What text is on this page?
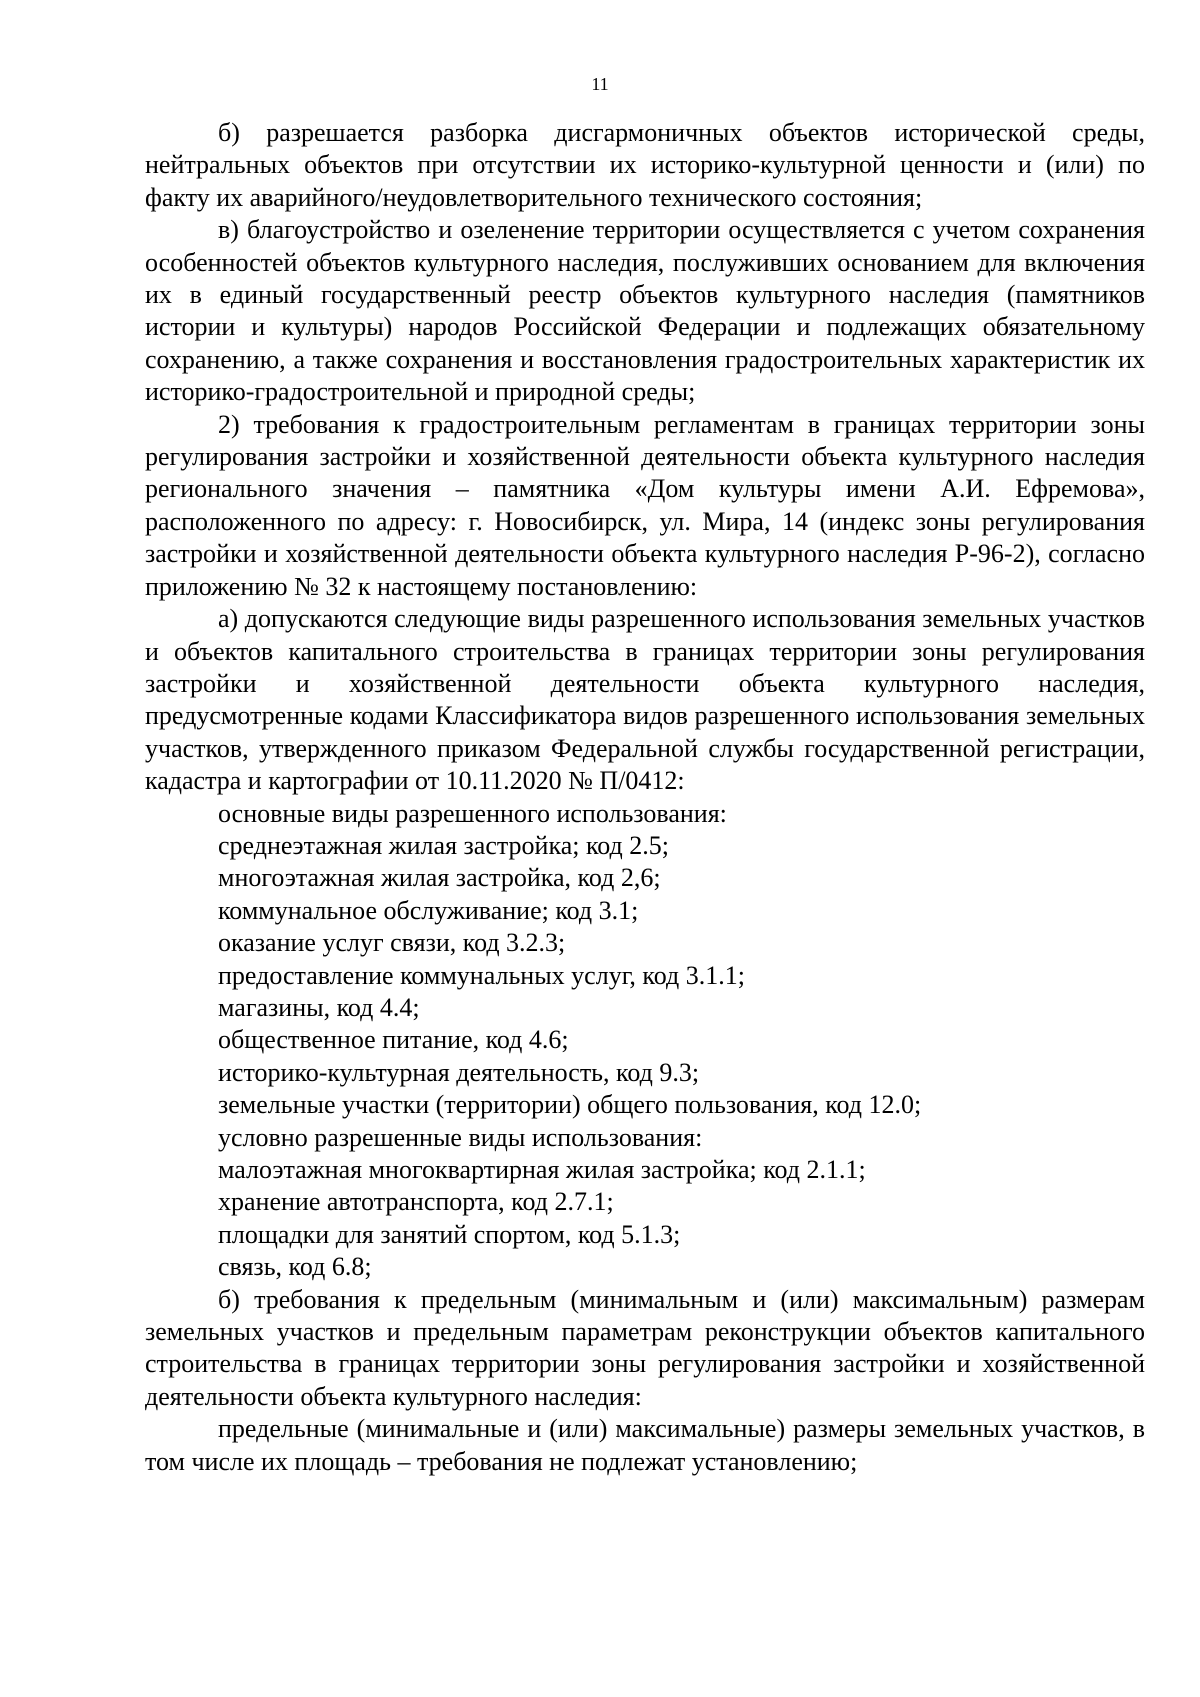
11

б) разрешается разборка дисгармоничных объектов исторической среды, нейтральных объектов при отсутствии их историко-культурной ценности и (или) по факту их аварийного/неудовлетворительного технического состояния;

в) благоустройство и озеленение территории осуществляется с учетом сохранения особенностей объектов культурного наследия, послуживших основанием для включения их в единый государственный реестр объектов культурного наследия (памятников истории и культуры) народов Российской Федерации и подлежащих обязательному сохранению, а также сохранения и восстановления градостроительных характеристик их историко-градостроительной и природной среды;

2) требования к градостроительным регламентам в границах территории зоны регулирования застройки и хозяйственной деятельности объекта культурного наследия регионального значения – памятника «Дом культуры имени А.И. Ефремова», расположенного по адресу: г. Новосибирск, ул. Мира, 14 (индекс зоны регулирования застройки и хозяйственной деятельности объекта культурного наследия Р-96-2), согласно приложению № 32 к настоящему постановлению:

а) допускаются следующие виды разрешенного использования земельных участков и объектов капитального строительства в границах территории зоны регулирования застройки и хозяйственной деятельности объекта культурного наследия, предусмотренные кодами Классификатора видов разрешенного использования земельных участков, утвержденного приказом Федеральной службы государственной регистрации, кадастра и картографии от 10.11.2020 № П/0412:

основные виды разрешенного использования:

среднеэтажная жилая застройка; код 2.5;

многоэтажная жилая застройка, код 2,6;

коммунальное обслуживание; код 3.1;

оказание услуг связи, код 3.2.3;

предоставление коммунальных услуг, код 3.1.1;

магазины, код 4.4;

общественное питание, код 4.6;

историко-культурная деятельность, код 9.3;

земельные участки (территории) общего пользования, код 12.0;

условно разрешенные виды использования:

малоэтажная многоквартирная жилая застройка; код 2.1.1;

хранение автотранспорта, код 2.7.1;

площадки для занятий спортом, код 5.1.3;

связь, код 6.8;

б) требования к предельным (минимальным и (или) максимальным) размерам земельных участков и предельным параметрам реконструкции объектов капитального строительства в границах территории зоны регулирования застройки и хозяйственной деятельности объекта культурного наследия:

предельные (минимальные и (или) максимальные) размеры земельных участков, в том числе их площадь – требования не подлежат установлению;
